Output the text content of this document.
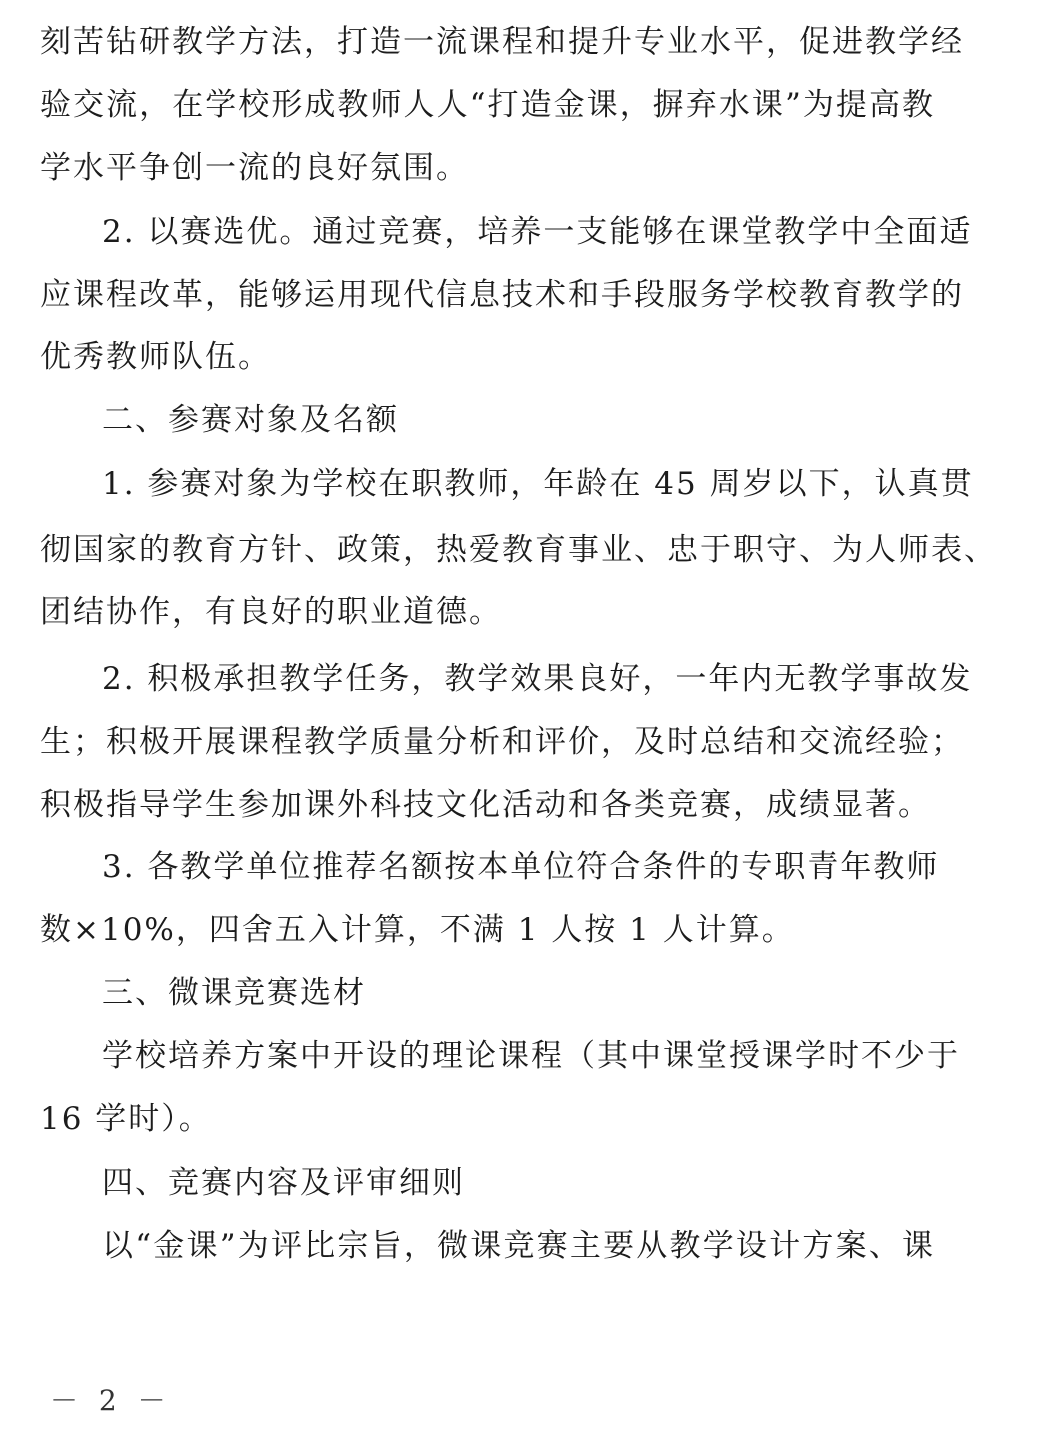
刻苦钻研教学方法，打造一流课程和提升专业水平，促进教学经
验交流，在学校形成教师人人“打造金课，摒弃水课”为提高教
学水平争创一流的良好氛围。
2. 以赛选优。通过竞赛，培养一支能够在课堂教学中全面适
应课程改革，能够运用现代信息技术和手段服务学校教育教学的
优秀教师队伍。
二、参赛对象及名额
1. 参赛对象为学校在职教师，年龄在 45 周岁以下，认真贯
彻国家的教育方针、政策，热爱教育事业、忠于职守、为人师表、
团结协作，有良好的职业道德。
2. 积极承担教学任务，教学效果良好，一年内无教学事故发
生；积极开展课程教学质量分析和评价，及时总结和交流经验；
积极指导学生参加课外科技文化活动和各类竞赛，成绩显著。
3. 各教学单位推荐名额按本单位符合条件的专职青年教师
数×10%，四舍五入计算，不满 1 人按 1 人计算。
三、微课竞赛选材
学校培养方案中开设的理论课程（其中课堂授课学时不少于
16 学时）。
四、竞赛内容及评审细则
以“金课”为评比宗旨，微课竞赛主要从教学设计方案、课
－ 2 －
